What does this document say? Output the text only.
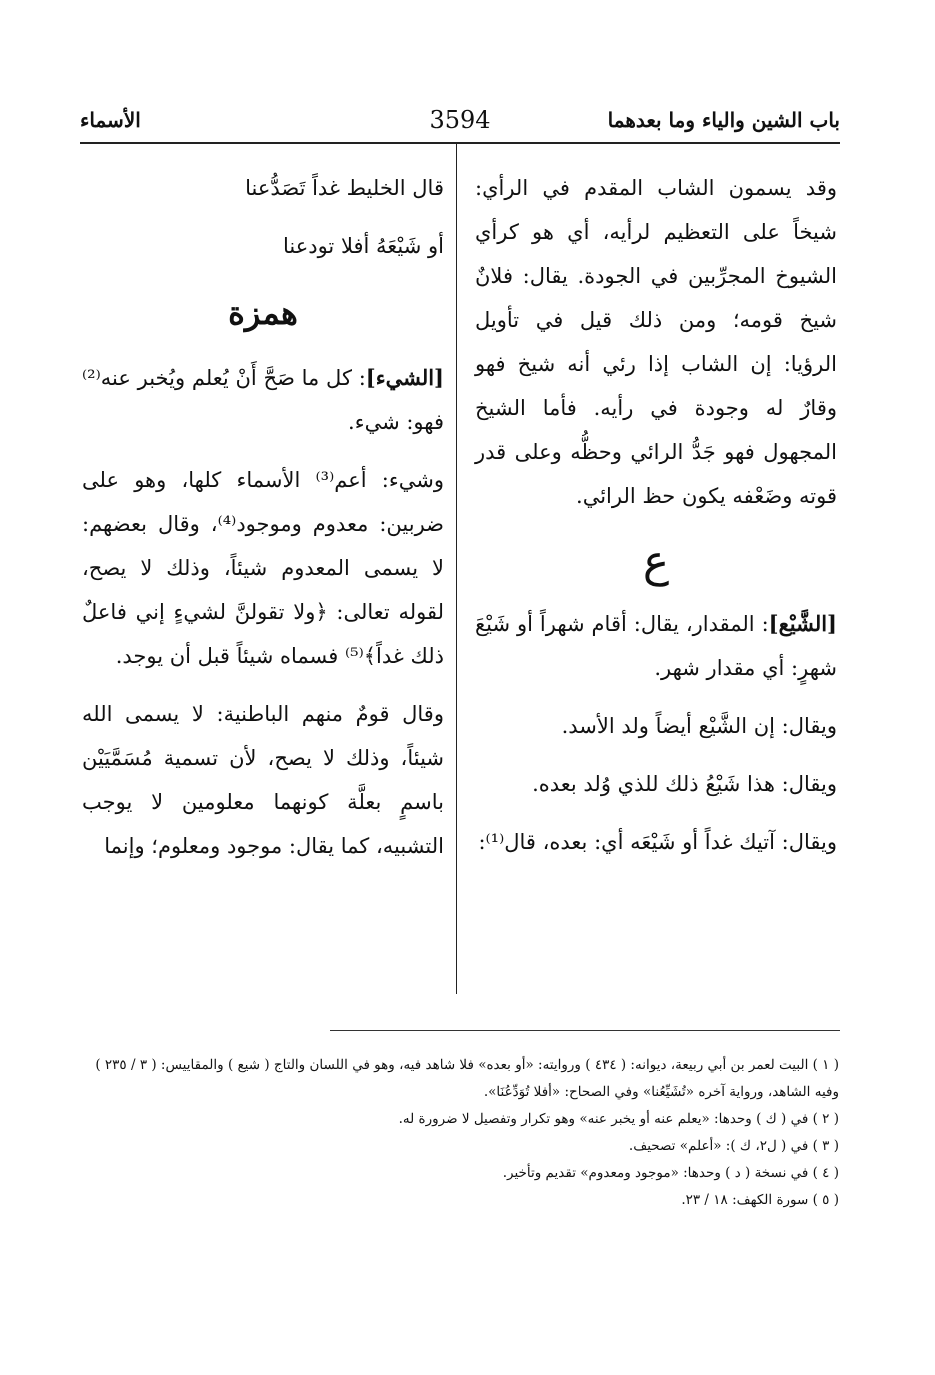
باب الشين والياء وما بعدهما
3594
الأسماء

وقد يسمون الشاب المقدم في الرأي: شيخاً على التعظيم لرأيه، أي هو كرأي الشيوخ المجرِّبين في الجودة. يقال: فلانٌ شيخ قومه؛ ومن ذلك قيل في تأويل الرؤيا: إن الشاب إذا رئي أنه شيخ فهو وقارٌ له وجودة في رأيه. فأما الشيخ المجهول فهو جَدُّ الرائي وحظُّه وعلى قدر قوته وضَعْفه يكون حظ الرائي.

ع

[الشَّيْع]: المقدار، يقال: أقام شهراً أو شَيْعَ شهرٍ: أي مقدار شهر.

ويقال: إن الشَّيْع أيضاً ولد الأسد.

ويقال: هذا شَيْعُ ذلك للذي وُلد بعده.

ويقال: آتيك غداً أو شَيْعَه أي: بعده، قال⁽¹⁾:

قال الخليط غداً تَصَدُّعنا

أو شَيْعَهُ أفلا تودعنا

همزة

[الشيء]: كل ما صَحَّ أَنْ يُعلم ويُخبر عنه⁽²⁾ فهو: شيء.

وشيء: أعم⁽³⁾ الأسماء كلها، وهو على ضربين: معدوم وموجود⁽⁴⁾، وقال بعضهم: لا يسمى المعدوم شيئاً، وذلك لا يصح، لقوله تعالى: ﴿ولا تقولنَّ لشيءٍ إني فاعلٌ ذلك غداً﴾⁽⁵⁾ فسماه شيئاً قبل أن يوجد.

وقال قومٌ منهم الباطنية: لا يسمى الله شيئاً، وذلك لا يصح، لأن تسمية مُسَمَّيَيْن باسمٍ بعلَّة كونهما معلومين لا يوجب التشبيه، كما يقال: موجود ومعلوم؛ وإنما

( ١ ) البيت لعمر بن أبي ربيعة، ديوانه: ( ٤٣٤ ) وروايته: «أو بعده» فلا شاهد فيه، وهو في اللسان والتاج ( شيع ) والمقاييس: ( ٣ / ٢٣٥ ) وفيه الشاهد، ورواية آخره «تُشَيِّعُنا» وفي الصحاح: «أفلا تُوَدِّعُنَا».
( ٢ ) في ( ك ) وحدها: «يعلم عنه أو يخبر عنه» وهو تكرار وتفصيل لا ضرورة له.
( ٣ ) في ( ل٢، ك ): «أعلم» تصحيف.
( ٤ ) في نسخة ( د ) وحدها: «موجود ومعدوم» تقديم وتأخير.
( ٥ ) سورة الكهف: ١٨ / ٢٣.
